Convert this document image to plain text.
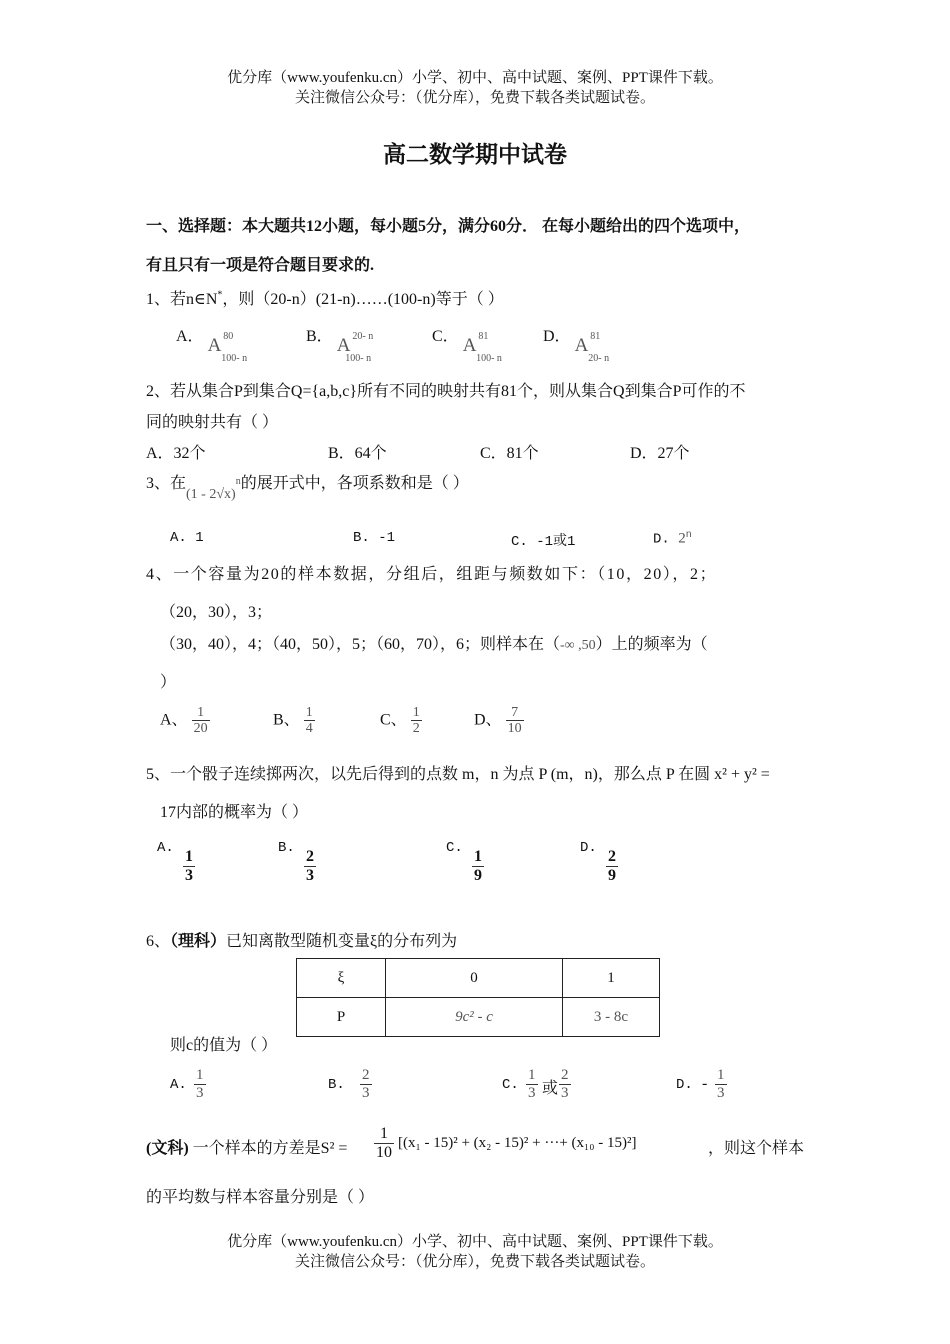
优分库（www.youfenku.cn）小学、初中、高中试题、案例、PPT课件下载。
关注微信公众号：（优分库），免费下载各类试题试卷。
高二数学期中试卷
一、选择题：本大题共12小题，每小题5分，满分60分． 在每小题给出的四个选项中，
有且只有一项是符合题目要求的.
1、若n∈N*，则（20-n）(21-n)……(100-n)等于（ ）
A． A $80_{100- n}$
B． A 20- $n_{100- n}$
C． A $81_{100- n}$
D． A $81_{20- n}$
2、若从集合P到集合Q={a,b,c}所有不同的映射共有81个，则从集合Q到集合P可作的不
同的映射共有（ ）
A．32个	B．64个	C．81个	D．27个
3、在(1 - 2√x)$^n$的展开式中，各项系数和是（ ）
A. 1	B. -1	C. -1或1	D. 2$^n$
4、一个容量为20的样本数据，分组后，组距与频数如下：（10，20），2；
（20，30），3；
（30，40），4；（40，50），5；（60，70），6；则样本在（-∞ ,50）上的频率为（
）
A、 $\frac{1}{20}$	B、 $\frac{1}{4}$	C、 $\frac{1}{2}$	D、 $\frac{7}{10}$
5、一个骰子连续掷两次，以先后得到的点数 m，n 为点 P (m，n)，那么点 P 在圆 x² + y² =
17内部的概率为（ ）
A. $\frac{1}{3}$	B. $\frac{2}{3}$	C. $\frac{1}{9}$	D. $\frac{2}{9}$
6、（理科）已知离散型随机变量ξ的分布列为
ξ	0	1
P	9c² - c	3 - 8c
则c的值为（ ）
A. $\frac{1}{3}$	B. $\frac{2}{3}$	C. $\frac{1}{3}$ 或 $\frac{2}{3}$	D. - $\frac{1}{3}$
(文科) 一个样本的方差是$S^2 = \frac{1}{10} [(x_1 - 15)^2 + (x_2 - 15)^2$ + ···+ (x₁₀ - 15)²]	，则这个样本
的平均数与样本容量分别是（ ）
优分库（www.youfenku.cn）小学、初中、高中试题、案例、PPT课件下载。
关注微信公众号：（优分库），免费下载各类试题试卷。
